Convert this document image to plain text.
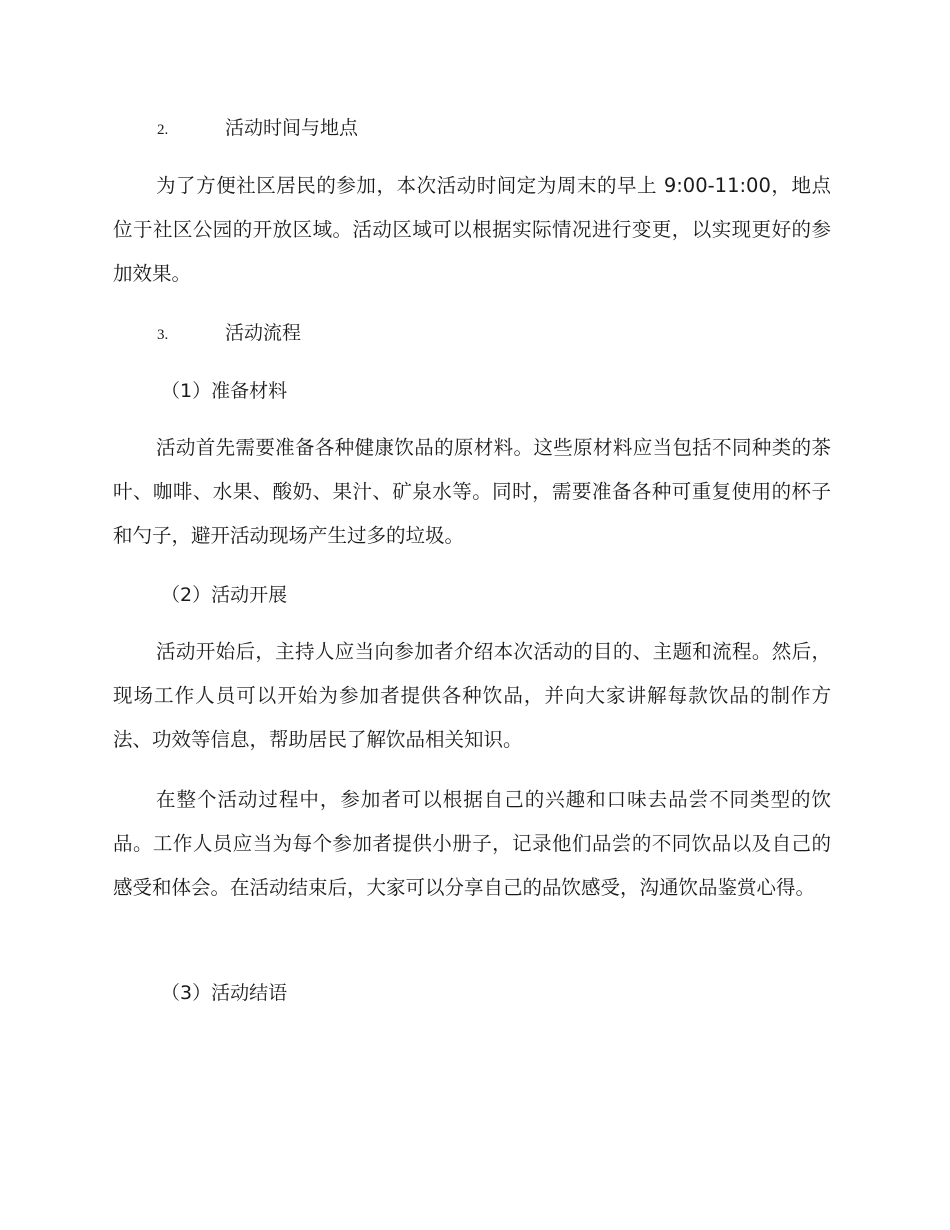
2.	活动时间与地点

为了方便社区居民的参加，本次活动时间定为周末的早上 9:00-11:00，地点位于社区公园的开放区域。活动区域可以根据实际情况进行变更，以实现更好的参加效果。

3.	活动流程
（1）准备材料

活动首先需要准备各种健康饮品的原材料。这些原材料应当包括不同种类的茶叶、咖啡、水果、酸奶、果汁、矿泉水等。同时，需要准备各种可重复使用的杯子和勺子，避开活动现场产生过多的垃圾。

（2）活动开展

活动开始后，主持人应当向参加者介绍本次活动的目的、主题和流程。然后，现场工作人员可以开始为参加者提供各种饮品，并向大家讲解每款饮品的制作方法、功效等信息，帮助居民了解饮品相关知识。

在整个活动过程中，参加者可以根据自己的兴趣和口味去品尝不同类型的饮品。工作人员应当为每个参加者提供小册子，记录他们品尝的不同饮品以及自己的感受和体会。在活动结束后，大家可以分享自己的品饮感受，沟通饮品鉴赏心得。

（3）活动结语
